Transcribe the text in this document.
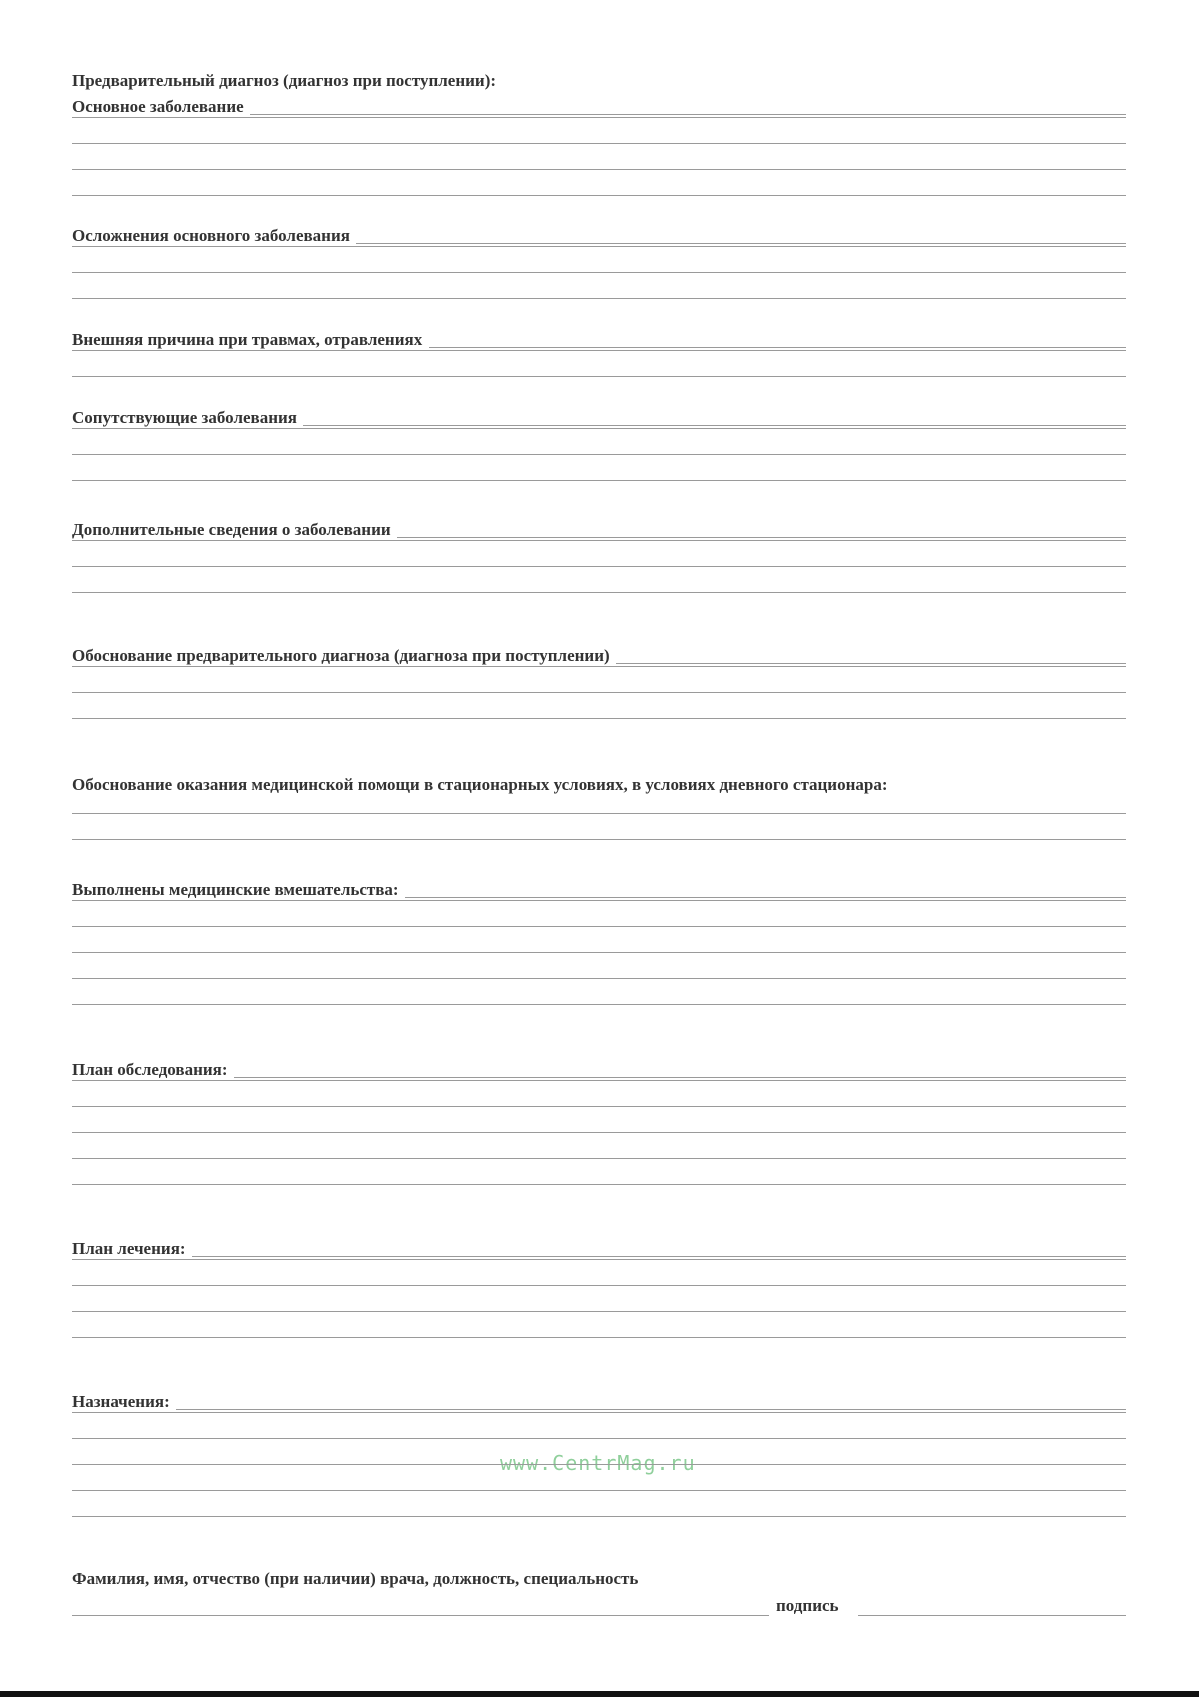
Предварительный диагноз (диагноз при поступлении):
Основное заболевание
Осложнения основного заболевания
Внешняя причина при травмах, отравлениях
Сопутствующие заболевания
Дополнительные сведения о заболевании
Обоснование предварительного диагноза (диагноза при поступлении)
Обоснование оказания медицинской помощи в стационарных условиях, в условиях дневного стационара:
Выполнены медицинские вмешательства:
План обследования:
План лечения:
Назначения:
Фамилия, имя, отчество (при наличии) врача, должность, специальность
подпись
www.CentrMag.ru
